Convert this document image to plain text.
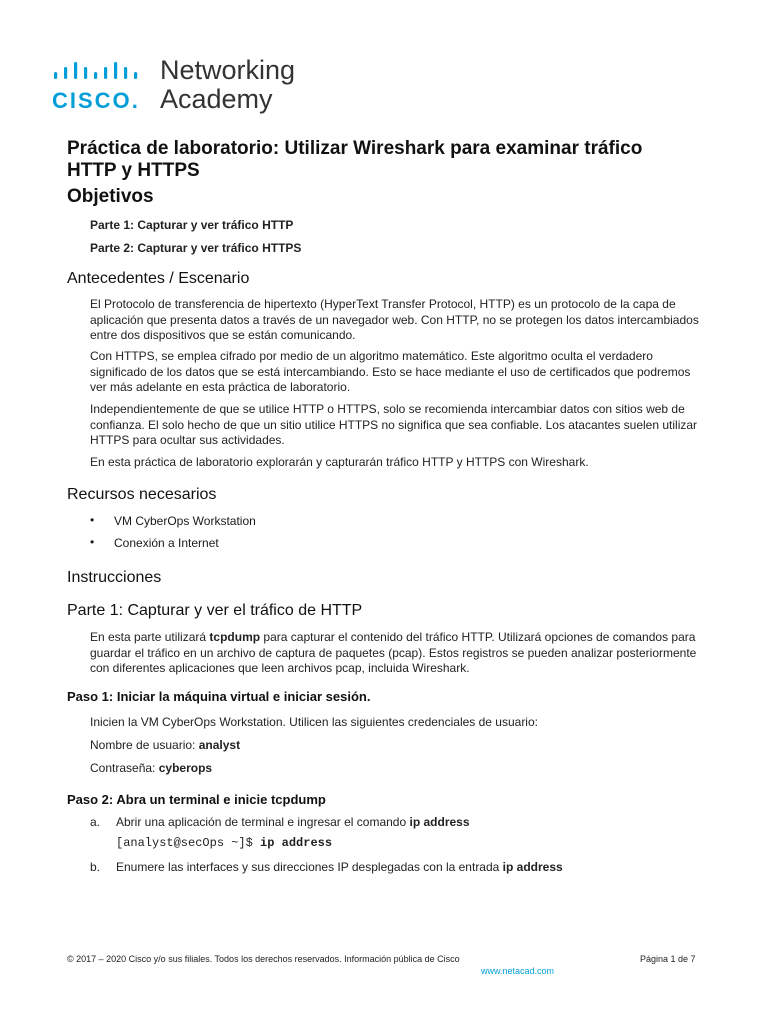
CISCO.
Networking
Academy
Práctica de laboratorio: Utilizar Wireshark para examinar tráfico
HTTP y HTTPS
Objetivos
Parte 1: Capturar y ver tráfico HTTP
Parte 2: Capturar y ver tráfico HTTPS
Antecedentes / Escenario
El Protocolo de transferencia de hipertexto (HyperText Transfer Protocol, HTTP) es un protocolo de la capa de aplicación que presenta datos a través de un navegador web. Con HTTP, no se protegen los datos intercambiados entre dos dispositivos que se están comunicando.
Con HTTPS, se emplea cifrado por medio de un algoritmo matemático. Este algoritmo oculta el verdadero significado de los datos que se está intercambiando. Esto se hace mediante el uso de certificados que podremos ver más adelante en esta práctica de laboratorio.
Independientemente de que se utilice HTTP o HTTPS, solo se recomienda intercambiar datos con sitios web de confianza. El solo hecho de que un sitio utilice HTTPS no significa que sea confiable. Los atacantes suelen utilizar HTTPS para ocultar sus actividades.
En esta práctica de laboratorio explorarán y capturarán tráfico HTTP y HTTPS con Wireshark.
Recursos necesarios
• VM CyberOps Workstation
• Conexión a Internet
Instrucciones
Parte 1: Capturar y ver el tráfico de HTTP
En esta parte utilizará tcpdump para capturar el contenido del tráfico HTTP. Utilizará opciones de comandos para guardar el tráfico en un archivo de captura de paquetes (pcap). Estos registros se pueden analizar posteriormente con diferentes aplicaciones que leen archivos pcap, incluida Wireshark.
Paso 1: Iniciar la máquina virtual e iniciar sesión.
Inicien la VM CyberOps Workstation. Utilicen las siguientes credenciales de usuario:
Nombre de usuario: analyst
Contraseña: cyberops
Paso 2: Abra un terminal e inicie tcpdump
a. Abrir una aplicación de terminal e ingresar el comando ip address
[analyst@secOps ~]$ ip address
b. Enumere las interfaces y sus direcciones IP desplegadas con la entrada ip address
© 2017 – 2020 Cisco y/o sus filiales. Todos los derechos reservados. Información pública de Cisco	Página 1 de 7
www.netacad.com
